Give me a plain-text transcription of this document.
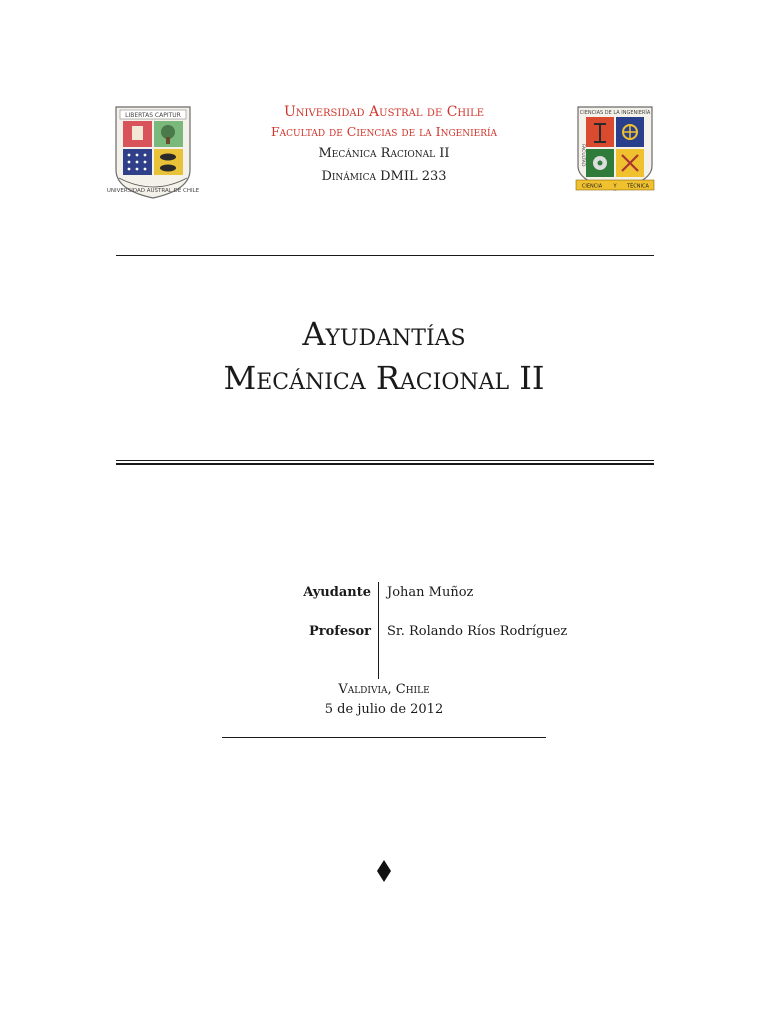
LIBERTAS CAPITUR
UNIVERSIDAD AUSTRAL DE CHILE
Universidad Austral de Chile
Facultad de Ciencias de la Ingeniería
Mecánica Racional II
Dinámica DMIL 233
CIENCIAS DE LA INGENIERÍA
FACULTAD
CIENCIA Y TÉCNICA
Ayudantías
Mecánica Racional II
Ayudante Johan Muñoz
Profesor Sr. Rolando Ríos Rodríguez
Valdivia, Chile
5 de julio de 2012
